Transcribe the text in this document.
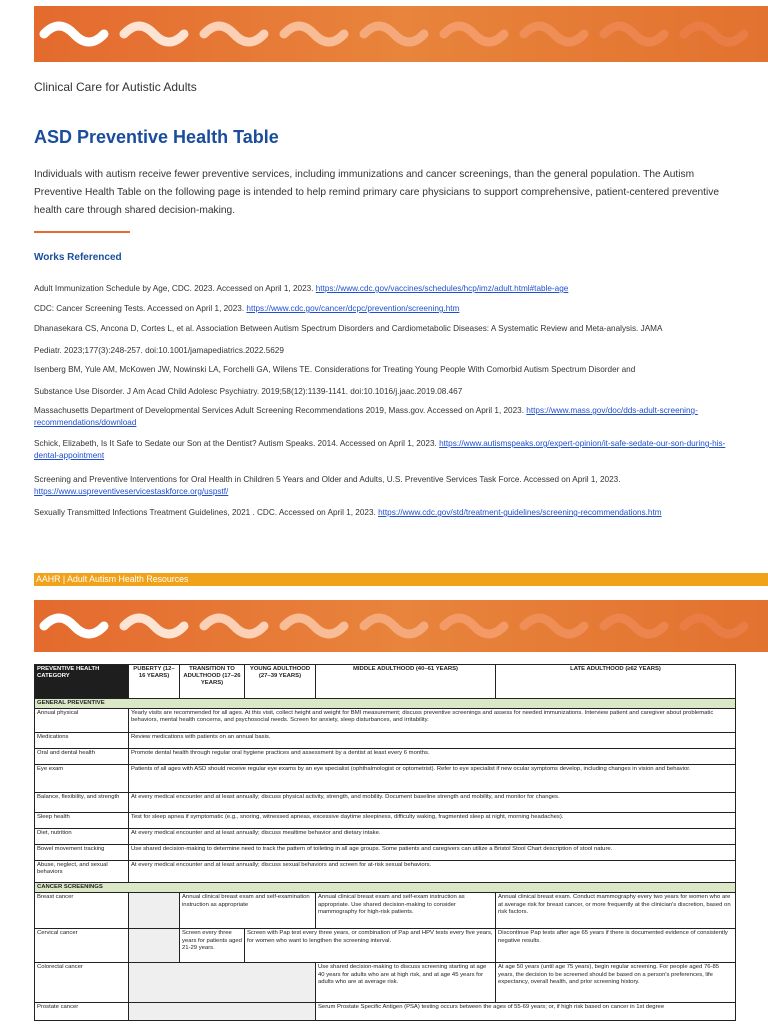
Clinical Care for Autistic Adults
ASD Preventive Health Table

Individuals with autism receive fewer preventive services, including immunizations and cancer screenings, than the general population. The Autism Preventive Health Table on the following page is intended to help remind primary care physicians to support comprehensive, patient-centered preventive health care through shared decision-making.

Works Referenced
Adult Immunization Schedule by Age, CDC. 2023. Accessed on April 1, 2023. https://www.cdc.gov/vaccines/schedules/hcp/imz/adult.html#table-age
CDC: Cancer Screening Tests. Accessed on April 1, 2023. https://www.cdc.gov/cancer/dcpc/prevention/screening.htm
Dhanasekara CS, Ancona D, Cortes L, et al. Association Between Autism Spectrum Disorders and Cardiometabolic Diseases: A Systematic Review and Meta-analysis. JAMA
Pediatr. 2023;177(3):248-257. doi:10.1001/jamapediatrics.2022.5629
Isenberg BM, Yule AM, McKowen JW, Nowinski LA, Forchelli GA, Wilens TE. Considerations for Treating Young People With Comorbid Autism Spectrum Disorder and
Substance Use Disorder. J Am Acad Child Adolesc Psychiatry. 2019;58(12):1139-1141. doi:10.1016/j.jaac.2019.08.467
Massachusetts Department of Developmental Services Adult Screening Recommendations 2019, Mass.gov. Accessed on April 1, 2023. https://www.mass.gov/doc/dds-adult-screening-recommendations/download
Schick, Elizabeth, Is It Safe to Sedate our Son at the Dentist? Autism Speaks. 2014. Accessed on April 1, 2023. https://www.autismspeaks.org/expert-opinion/it-safe-sedate-our-son-during-his-dental-appointment
Screening and Preventive Interventions for Oral Health in Children 5 Years and Older and Adults, U.S. Preventive Services Task Force. Accessed on April 1, 2023. https://www.uspreventiveservicestaskforce.org/uspstf/
Sexually Transmitted Infections Treatment Guidelines, 2021 . CDC. Accessed on April 1, 2023. https://www.cdc.gov/std/treatment-guidelines/screening-recommendations.htm
AAHR | Adult Autism Health Resources
PREVENTIVE HEALTH CATEGORY	PUBERTY (12–16 YEARS)	TRANSITION TO ADULTHOOD (17–26 YEARS)	YOUNG ADULTHOOD (27–39 YEARS)	MIDDLE ADULTHOOD (40–61 YEARS)	LATE ADULTHOOD (≥62 YEARS)
GENERAL PREVENTIVE					
Annual physical	Yearly visits are recommended for all ages. At this visit, collect height and weight for BMI measurement; discuss preventive screenings and assess for needed immunizations. Interview patient and caregiver about problematic behaviors, mental health concerns, and psychosocial needs. Screen for anxiety, sleep disturbances, and irritability.				
Medications	Review medications with patients on an annual basis.				
Oral and dental health	Promote dental health through regular oral hygiene practices and assessment by a dentist at least every 6 months.				
Eye exam	Patients of all ages with ASD should receive regular eye exams by an eye specialist (ophthalmologist or optometrist). Refer to eye specialist if new ocular symptoms develop, including changes in vision and behavior.				
Balance, flexibility, and strength	At every medical encounter and at least annually; discuss physical activity, strength, and mobility. Document baseline strength and mobility, and monitor for changes.				
Sleep health	Test for sleep apnea if symptomatic (e.g., snoring, witnessed apneas, excessive daytime sleepiness, difficulty waking, fragmented sleep at night, morning headaches).				
Diet, nutrition	At every medical encounter and at least annually; discuss mealtime behavior and dietary intake.				
Bowel movement tracking	Use shared decision-making to determine need to track the pattern of toileting in all age groups. Some patients and caregivers can utilize a Bristol Stool Chart description of stool nature.				
Abuse, neglect, and sexual behaviors	At every medical encounter and at least annually; discuss sexual behaviors and screen for at-risk sexual behaviors.				
CANCER SCREENINGS					
Breast cancer		Annual clinical breast exam and self-examination instruction as appropriate		Annual clinical breast exam and self-exam instruction as appropriate. Use shared decision-making to consider mammography for high-risk patients.	Annual clinical breast exam. Conduct mammography every two years for women who are at average risk for breast cancer, or more frequently at the clinician's discretion, based on risk factors.
Cervical cancer		Screen every three years for patients aged 21-29 years.	Screen with Pap test every three years, or combination of Pap and HPV tests every five years, for women who want to lengthen the screening interval.		Discontinue Pap tests after age 65 years if there is documented evidence of consistently negative results.
Colorectal cancer				Use shared decision-making to discuss screening starting at age 40 years for adults who are at high risk, and at age 45 years for adults who are at average risk.	At age 50 years (until age 75 years), begin regular screening. For people aged 76-85 years, the decision to be screened should be based on a person's preferences, life expectancy, overall health, and prior screening history.
Prostate cancer				Serum Prostate Specific Antigen (PSA) testing occurs between the ages of 55-69 years; or, if high risk based on cancer in 1st degree	
